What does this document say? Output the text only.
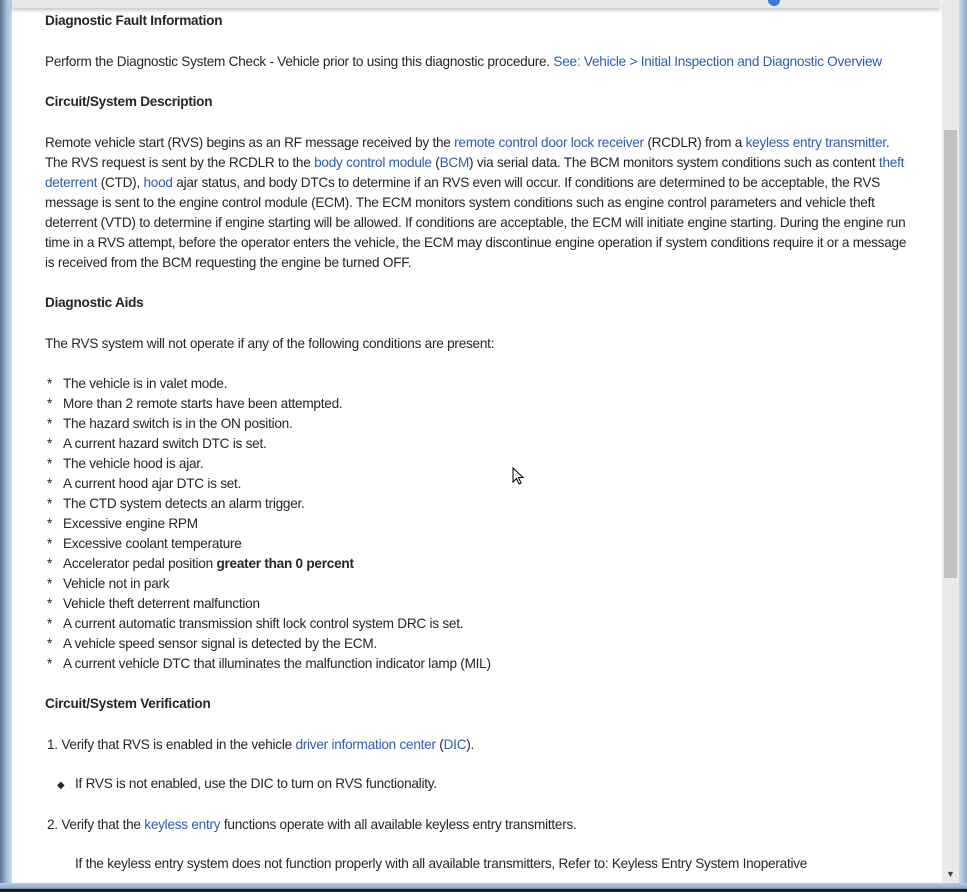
Diagnostic Fault Information

Perform the Diagnostic System Check - Vehicle prior to using this diagnostic procedure. See: Vehicle > Initial Inspection and Diagnostic Overview

Circuit/System Description

Remote vehicle start (RVS) begins as an RF message received by the remote control door lock receiver (RCDLR) from a keyless entry transmitter. The RVS request is sent by the RCDLR to the body control module (BCM) via serial data. The BCM monitors system conditions such as content theft deterrent (CTD), hood ajar status, and body DTCs to determine if an RVS even will occur. If conditions are determined to be acceptable, the RVS message is sent to the engine control module (ECM). The ECM monitors system conditions such as engine control parameters and vehicle theft deterrent (VTD) to determine if engine starting will be allowed. If conditions are acceptable, the ECM will initiate engine starting. During the engine run time in a RVS attempt, before the operator enters the vehicle, the ECM may discontinue engine operation if system conditions require it or a message is received from the BCM requesting the engine be turned OFF.

Diagnostic Aids

The RVS system will not operate if any of the following conditions are present:

* The vehicle is in valet mode.
* More than 2 remote starts have been attempted.
* The hazard switch is in the ON position.
* A current hazard switch DTC is set.
* The vehicle hood is ajar.
* A current hood ajar DTC is set.
* The CTD system detects an alarm trigger.
* Excessive engine RPM
* Excessive coolant temperature
* Accelerator pedal position greater than 0 percent
* Vehicle not in park
* Vehicle theft deterrent malfunction
* A current automatic transmission shift lock control system DRC is set.
* A vehicle speed sensor signal is detected by the ECM.
* A current vehicle DTC that illuminates the malfunction indicator lamp (MIL)
Circuit/System Verification
1. Verify that RVS is enabled in the vehicle driver information center (DIC).
◆ If RVS is not enabled, use the DIC to turn on RVS functionality.
2. Verify that the keyless entry functions operate with all available keyless entry transmitters.
If the keyless entry system does not function properly with all available transmitters, Refer to: Keyless Entry System Inoperative
▼
